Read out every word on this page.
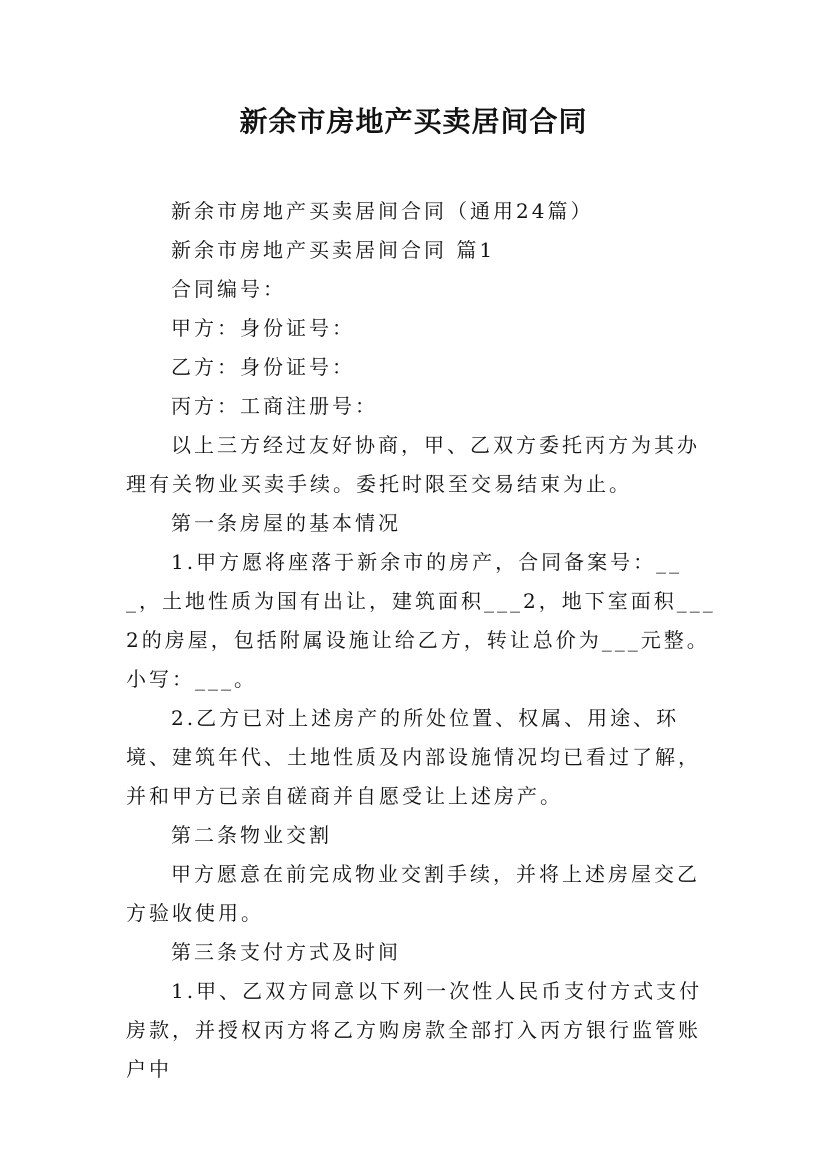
新余市房地产买卖居间合同

新余市房地产买卖居间合同（通用24篇）

新余市房地产买卖居间合同 篇1

合同编号：

甲方：身份证号：

乙方：身份证号：

丙方：工商注册号：

以上三方经过友好协商，甲、乙双方委托丙方为其办理有关物业买卖手续。委托时限至交易结束为止。

第一条房屋的基本情况

1.甲方愿将座落于新余市的房产，合同备案号：___，土地性质为国有出让，建筑面积___2，地下室面积___2的房屋，包括附属设施让给乙方，转让总价为___元整。小写：___。

2.乙方已对上述房产的所处位置、权属、用途、环境、建筑年代、土地性质及内部设施情况均已看过了解，并和甲方已亲自磋商并自愿受让上述房产。

第二条物业交割

甲方愿意在前完成物业交割手续，并将上述房屋交乙方验收使用。

第三条支付方式及时间

1.甲、乙双方同意以下列一次性人民币支付方式支付房款，并授权丙方将乙方购房款全部打入丙方银行监管账户中
